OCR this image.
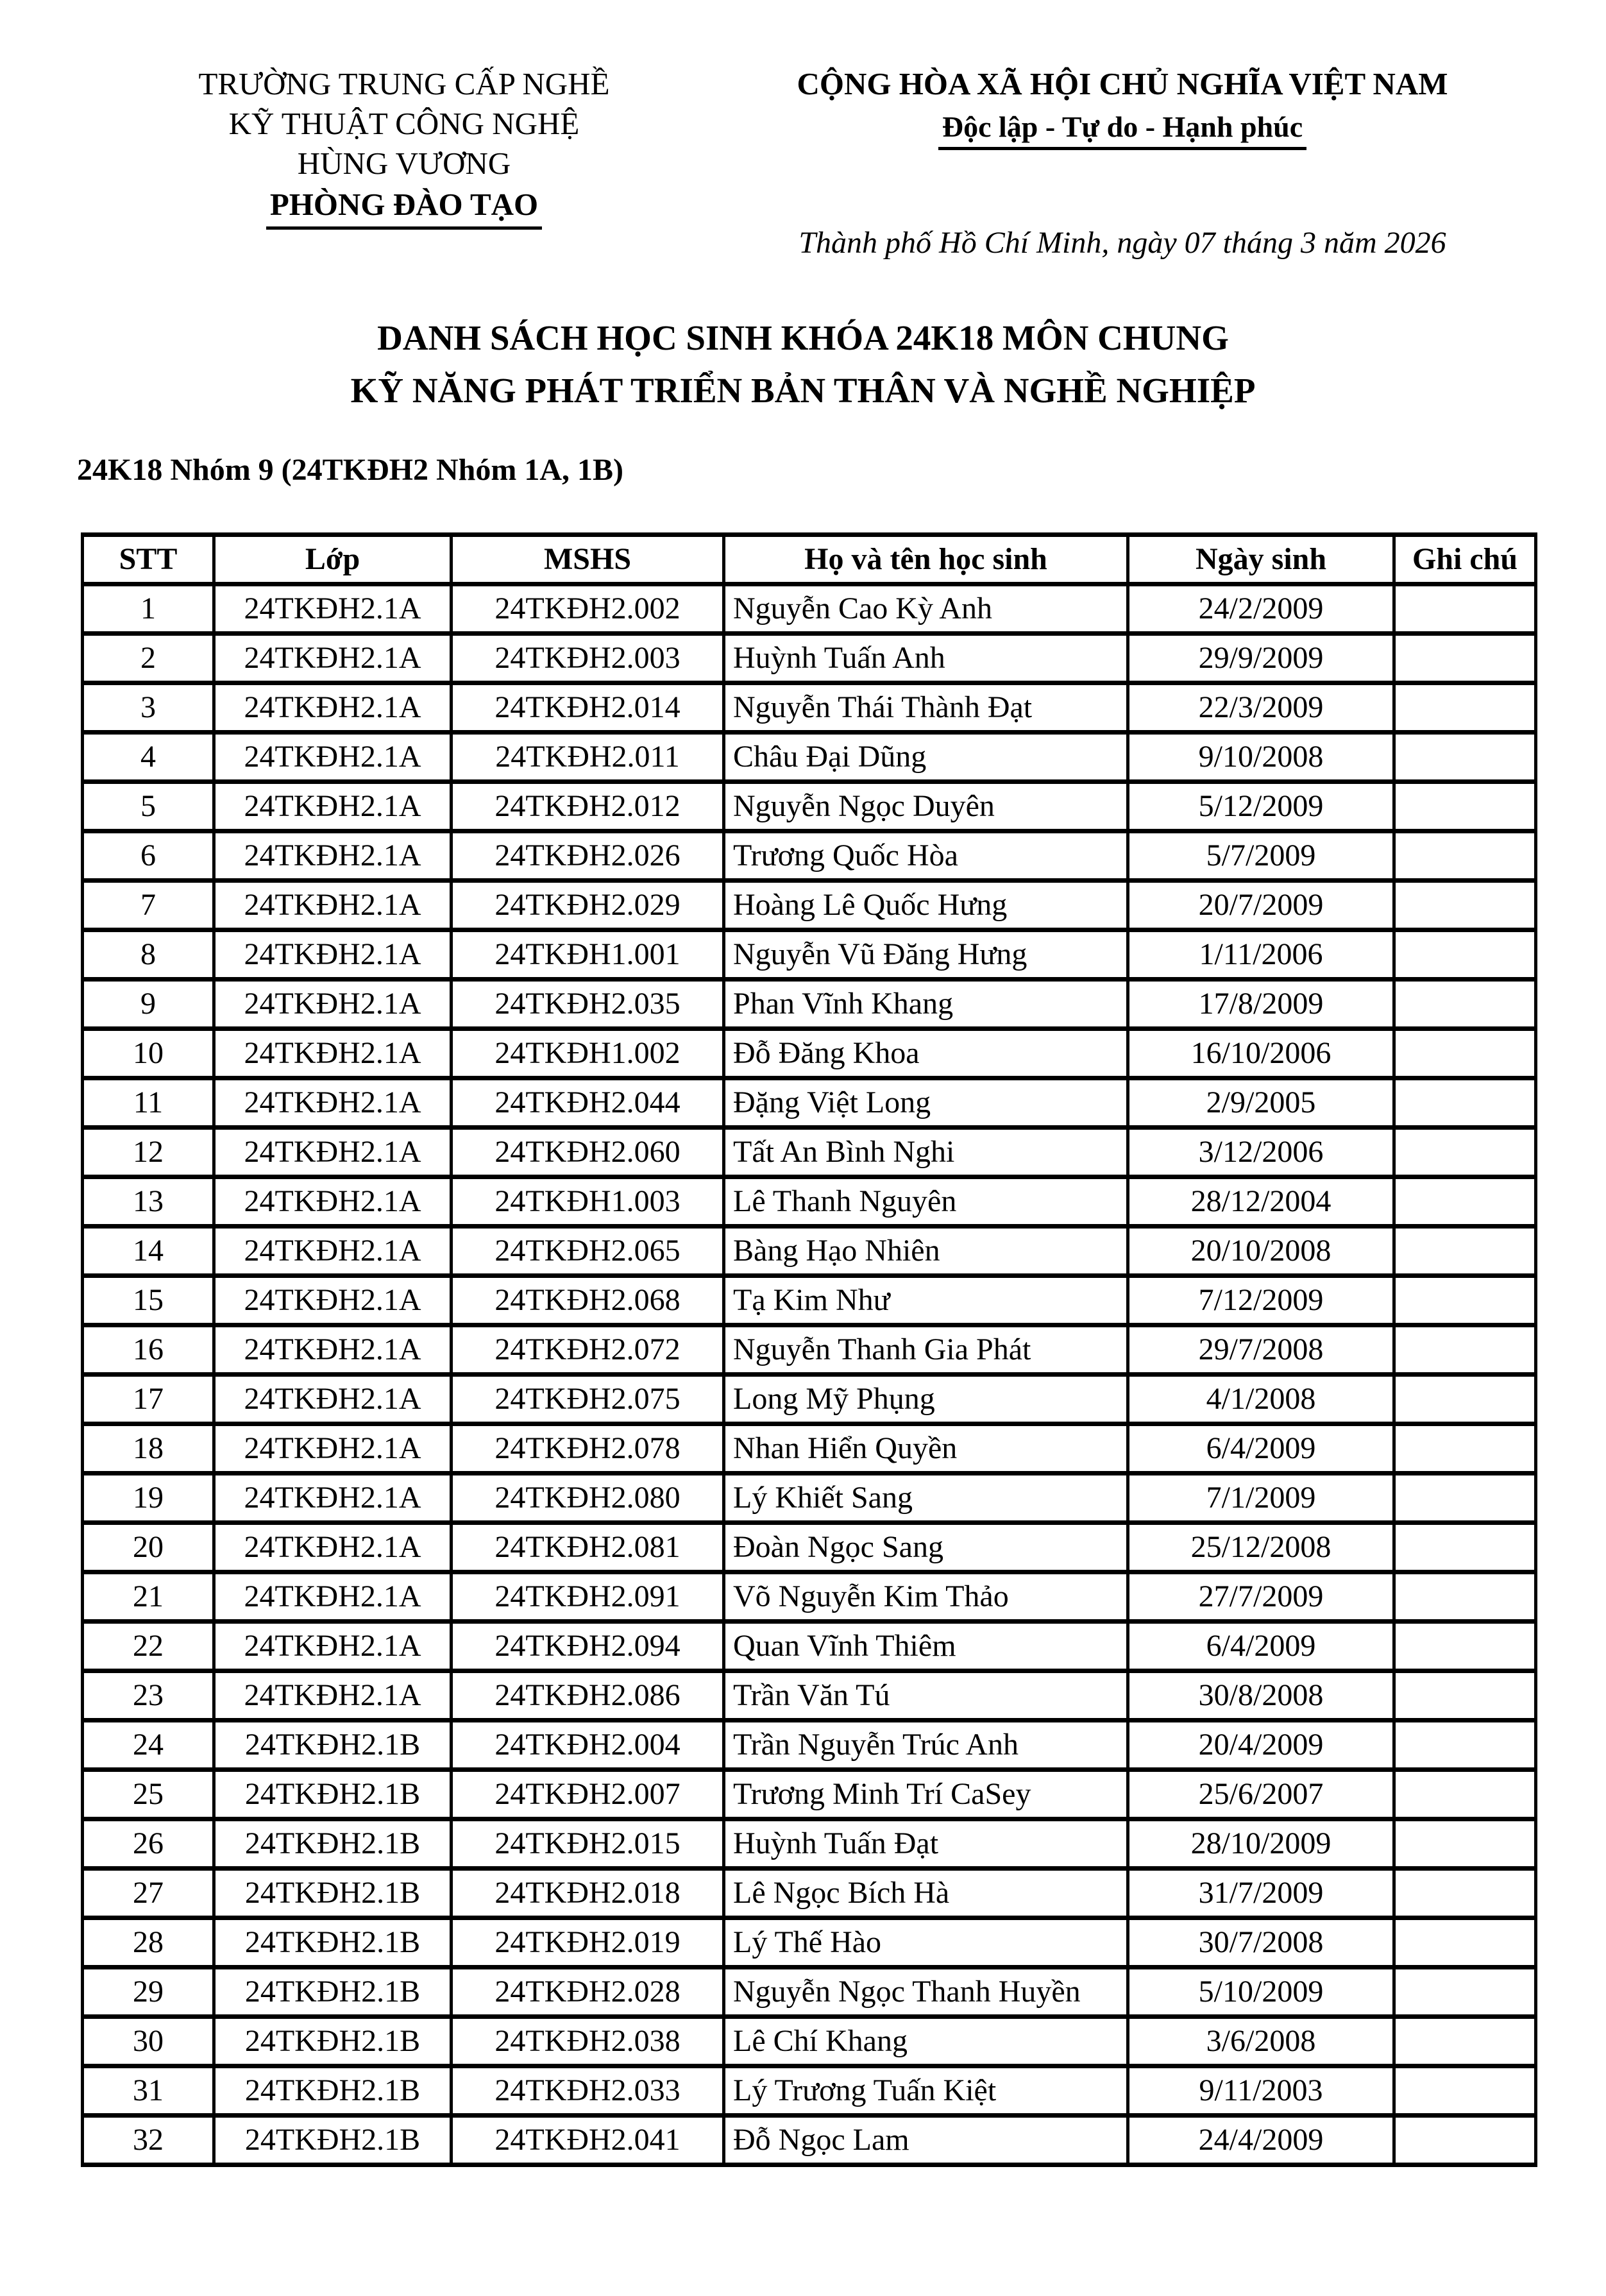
TRƯỜNG TRUNG CẤP NGHỀ
KỸ THUẬT CÔNG NGHỆ
HÙNG VƯƠNG
PHÒNG ĐÀO TẠO
CỘNG HÒA XÃ HỘI CHỦ NGHĨA VIỆT NAM
Độc lập - Tự do - Hạnh phúc
Thành phố Hồ Chí Minh, ngày 07 tháng 3 năm 2026
DANH SÁCH HỌC SINH KHÓA 24K18 MÔN CHUNG
KỸ NĂNG PHÁT TRIỂN BẢN THÂN VÀ NGHỀ NGHIỆP
24K18 Nhóm 9 (24TKĐH2 Nhóm 1A, 1B)
STT	Lớp	MSHS	Họ và tên học sinh	Ngày sinh	Ghi chú
1	24TKĐH2.1A	24TKĐH2.002	Nguyễn Cao Kỳ Anh	24/2/2009	
2	24TKĐH2.1A	24TKĐH2.003	Huỳnh Tuấn Anh	29/9/2009	
3	24TKĐH2.1A	24TKĐH2.014	Nguyễn Thái Thành Đạt	22/3/2009	
4	24TKĐH2.1A	24TKĐH2.011	Châu Đại Dũng	9/10/2008	
5	24TKĐH2.1A	24TKĐH2.012	Nguyễn Ngọc Duyên	5/12/2009	
6	24TKĐH2.1A	24TKĐH2.026	Trương Quốc Hòa	5/7/2009	
7	24TKĐH2.1A	24TKĐH2.029	Hoàng Lê Quốc Hưng	20/7/2009	
8	24TKĐH2.1A	24TKĐH1.001	Nguyễn Vũ Đăng Hưng	1/11/2006	
9	24TKĐH2.1A	24TKĐH2.035	Phan Vĩnh Khang	17/8/2009	
10	24TKĐH2.1A	24TKĐH1.002	Đỗ Đăng Khoa	16/10/2006	
11	24TKĐH2.1A	24TKĐH2.044	Đặng Việt Long	2/9/2005	
12	24TKĐH2.1A	24TKĐH2.060	Tất An Bình Nghi	3/12/2006	
13	24TKĐH2.1A	24TKĐH1.003	Lê Thanh Nguyên	28/12/2004	
14	24TKĐH2.1A	24TKĐH2.065	Bàng Hạo Nhiên	20/10/2008	
15	24TKĐH2.1A	24TKĐH2.068	Tạ Kim Như	7/12/2009	
16	24TKĐH2.1A	24TKĐH2.072	Nguyễn Thanh Gia Phát	29/7/2008	
17	24TKĐH2.1A	24TKĐH2.075	Long Mỹ Phụng	4/1/2008	
18	24TKĐH2.1A	24TKĐH2.078	Nhan Hiển Quyền	6/4/2009	
19	24TKĐH2.1A	24TKĐH2.080	Lý Khiết Sang	7/1/2009	
20	24TKĐH2.1A	24TKĐH2.081	Đoàn Ngọc Sang	25/12/2008	
21	24TKĐH2.1A	24TKĐH2.091	Võ Nguyễn Kim Thảo	27/7/2009	
22	24TKĐH2.1A	24TKĐH2.094	Quan Vĩnh Thiêm	6/4/2009	
23	24TKĐH2.1A	24TKĐH2.086	Trần Văn Tú	30/8/2008	
24	24TKĐH2.1B	24TKĐH2.004	Trần Nguyễn Trúc Anh	20/4/2009	
25	24TKĐH2.1B	24TKĐH2.007	Trương Minh Trí CaSey	25/6/2007	
26	24TKĐH2.1B	24TKĐH2.015	Huỳnh Tuấn Đạt	28/10/2009	
27	24TKĐH2.1B	24TKĐH2.018	Lê Ngọc Bích Hà	31/7/2009	
28	24TKĐH2.1B	24TKĐH2.019	Lý Thế Hào	30/7/2008	
29	24TKĐH2.1B	24TKĐH2.028	Nguyễn Ngọc Thanh Huyền	5/10/2009	
30	24TKĐH2.1B	24TKĐH2.038	Lê Chí Khang	3/6/2008	
31	24TKĐH2.1B	24TKĐH2.033	Lý Trương Tuấn Kiệt	9/11/2003	
32	24TKĐH2.1B	24TKĐH2.041	Đỗ Ngọc Lam	24/4/2009	
